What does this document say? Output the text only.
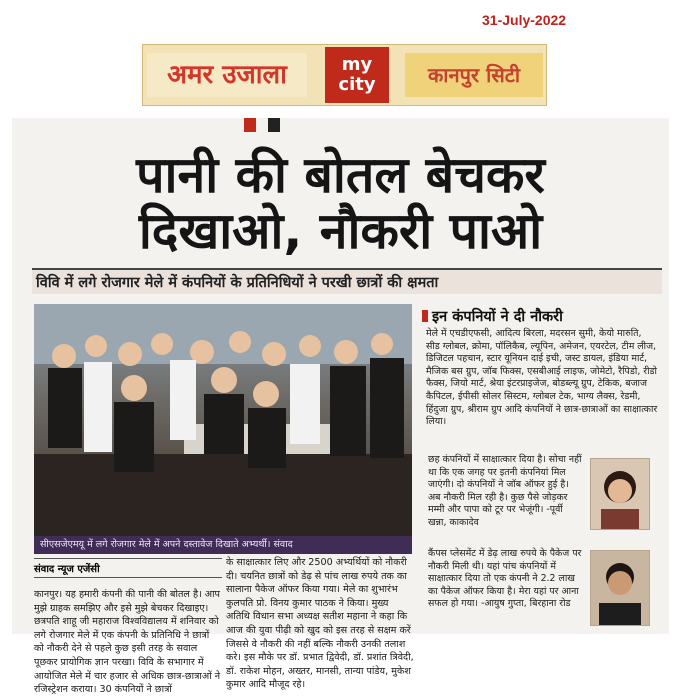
31-July-2022
अमर उजाला	my
city	कानपुर सिटी
पानी की बोतल बेचकर
दिखाओ, नौकरी पाओ
विवि में लगे रोजगार मेले में कंपनियों के प्रतिनिधियों ने परखी छात्रों की क्षमता
सीएसजेएमयू में लगे रोजगार मेले में अपने दस्तावेज दिखाते अभ्यर्थी। संवाद
संवाद न्यूज एजेंसी
कानपुर। यह हमारी कंपनी की पानी की बोतल है। आप मुझे ग्राहक समझिए और इसे मुझे बेचकर दिखाइए। छत्रपति शाहू जी महाराज विश्वविद्यालय में शनिवार को लगे रोजगार मेले में एक कंपनी के प्रतिनिधि ने छात्रों को नौकरी देने से पहले कुछ इसी तरह के सवाल पूछकर प्रायोगिक ज्ञान परखा। विवि के सभागार में आयोजित मेले में चार हजार से अधिक छात्र-छात्राओं ने रजिस्ट्रेशन कराया। 30 कंपनियों ने छात्रों
के साक्षात्कार लिए और 2500 अभ्यर्थियों को नौकरी दी। चयनित छात्रों को डेढ़ से पांच लाख रुपये तक का सालाना पैकेज ऑफर किया गया। मेले का शुभारंभ कुलपति प्रो. विनय कुमार पाठक ने किया। मुख्य अतिथि विधान सभा अध्यक्ष सतीश महाना ने कहा कि आज की युवा पीढ़ी को खुद को इस तरह से सक्षम करें जिससे वे नौकरी की नहीं बल्कि नौकरी उनकी तलाश करे। इस मौके पर डॉ. प्रभात द्विवेदी, डॉ. प्रशांत त्रिवेदी, डॉ. राकेश मोहन, अख्तर, मानसी, तान्या पांडेय, मुकेश कुमार आदि मौजूद रहे।
इन कंपनियों ने दी नौकरी
मेले में एचडीएफसी, आदित्य बिरला, मदरसन सुमी, केयो मारुति, सीड ग्लोबल, क्रोमा, पॉलिकैब, ल्यूपिन, अमेजन, एयरटेल, टीम लीज, डिजिटल पहचान, स्टार यूनियन दाई इची, जस्ट डायल, इंडिया मार्ट, मैजिक बस ग्रुप, जॉब फिक्स, एसबीआई लाइफ, जोमेटो, रैपिडो, रीडो फैक्स, जियो मार्ट, श्रेया इंटरप्राइजेज, बोडब्ल्यू ग्रुप, टेकिक, बजाज कैपिटल, ईपीसी सोलर सिस्टम, ग्लोबल टेक, भाग्य लैक्स, रेडमी, हिंदुजा ग्रुप, श्रीराम ग्रुप आदि कंपनियों ने छात्र-छात्राओं का साक्षात्कार लिया।
छह कंपनियों में साक्षात्कार दिया है। सोचा नहीं था कि एक जगह पर इतनी कंपनियां मिल जाएंगी। दो कंपनियों ने जॉब ऑफर हुई है। अब नौकरी मिल रही है। कुछ पैसे जोड़कर मम्मी और पापा को टूर पर भेजूंगी। -पूर्वी खन्ना, काकादेव
कैंपस प्लेसमेंट में डेढ़ लाख रुपये के पैकेज पर नौकरी मिली थी। यहां पांच कंपनियों में साक्षात्कार दिया तो एक कंपनी ने 2.2 लाख का पैकेज ऑफर किया है। मेरा यहां पर आना सफल हो गया। -आयुष गुप्ता, बिरहाना रोड
